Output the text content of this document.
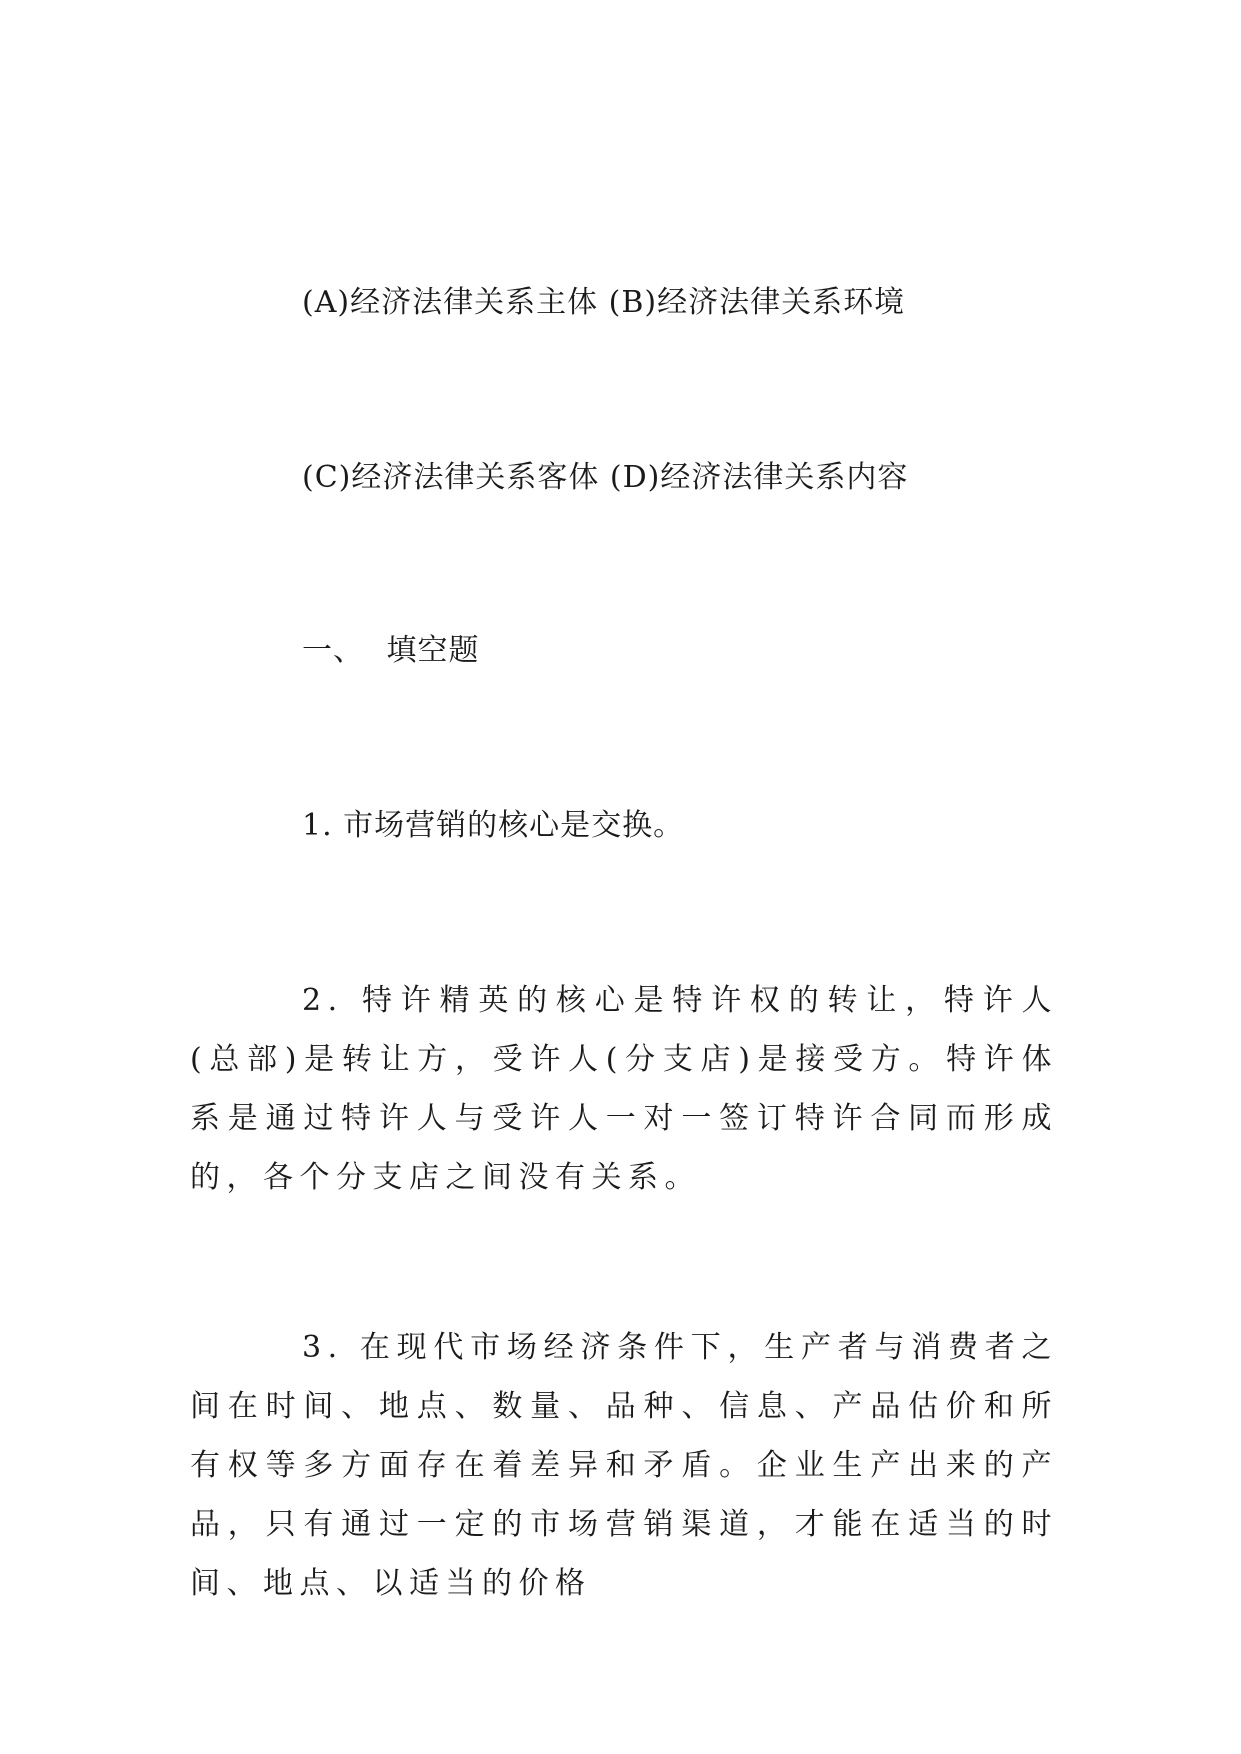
(A)经济法律关系主体 (B)经济法律关系环境
(C)经济法律关系客体 (D)经济法律关系内容
一、 填空题
1. 市场营销的核心是交换。
2. 特许精英的核心是特许权的转让，特许人(总部)是转让方，受许人(分支店)是接受方。特许体系是通过特许人与受许人一对一签订特许合同而形成的，各个分支店之间没有关系。
3. 在现代市场经济条件下，生产者与消费者之间在时间、地点、数量、品种、信息、产品估价和所有权等多方面存在着差异和矛盾。企业生产出来的产品，只有通过一定的市场营销渠道，才能在适当的时间、地点、以适当的价格
